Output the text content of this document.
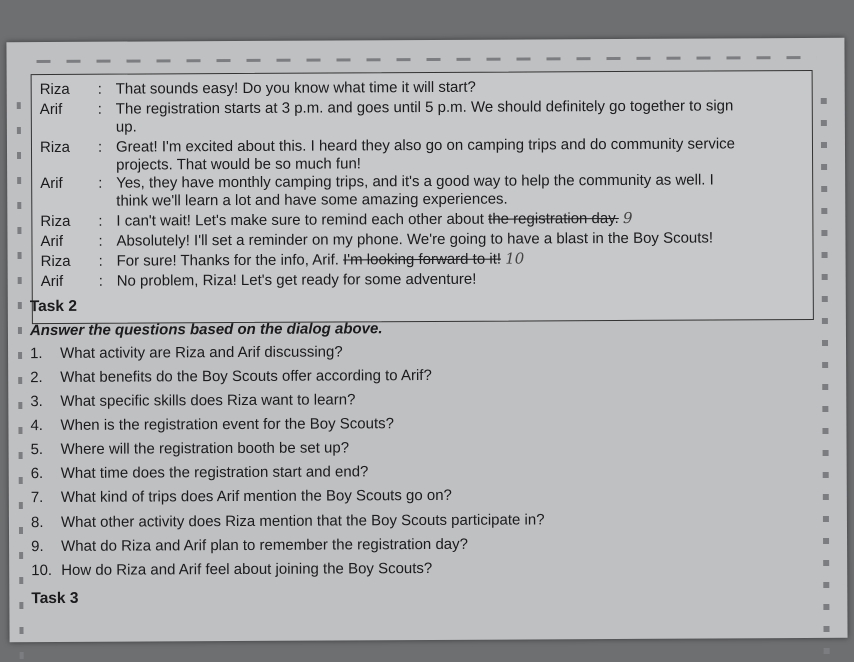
Riza : That sounds easy! Do you know what time it will start?
Arif : The registration starts at 3 p.m. and goes until 5 p.m. We should definitely go together to sign
up.
Riza : Great! I'm excited about this. I heard they also go on camping trips and do community service
projects. That would be so much fun!
Arif : Yes, they have monthly camping trips, and it's a good way to help the community as well. I
think we'll learn a lot and have some amazing experiences.
Riza : I can't wait! Let's make sure to remind each other about the registration day. 9
Arif : Absolutely! I'll set a reminder on my phone. We're going to have a blast in the Boy Scouts!
Riza : For sure! Thanks for the info, Arif. I'm looking forward to it! 10
Arif : No problem, Riza! Let's get ready for some adventure!
Task 2
Answer the questions based on the dialog above.
1. What activity are Riza and Arif discussing?
2. What benefits do the Boy Scouts offer according to Arif?
3. What specific skills does Riza want to learn?
4. When is the registration event for the Boy Scouts?
5. Where will the registration booth be set up?
6. What time does the registration start and end?
7. What kind of trips does Arif mention the Boy Scouts go on?
8. What other activity does Riza mention that the Boy Scouts participate in?
9. What do Riza and Arif plan to remember the registration day?
10. How do Riza and Arif feel about joining the Boy Scouts?
Task 3
